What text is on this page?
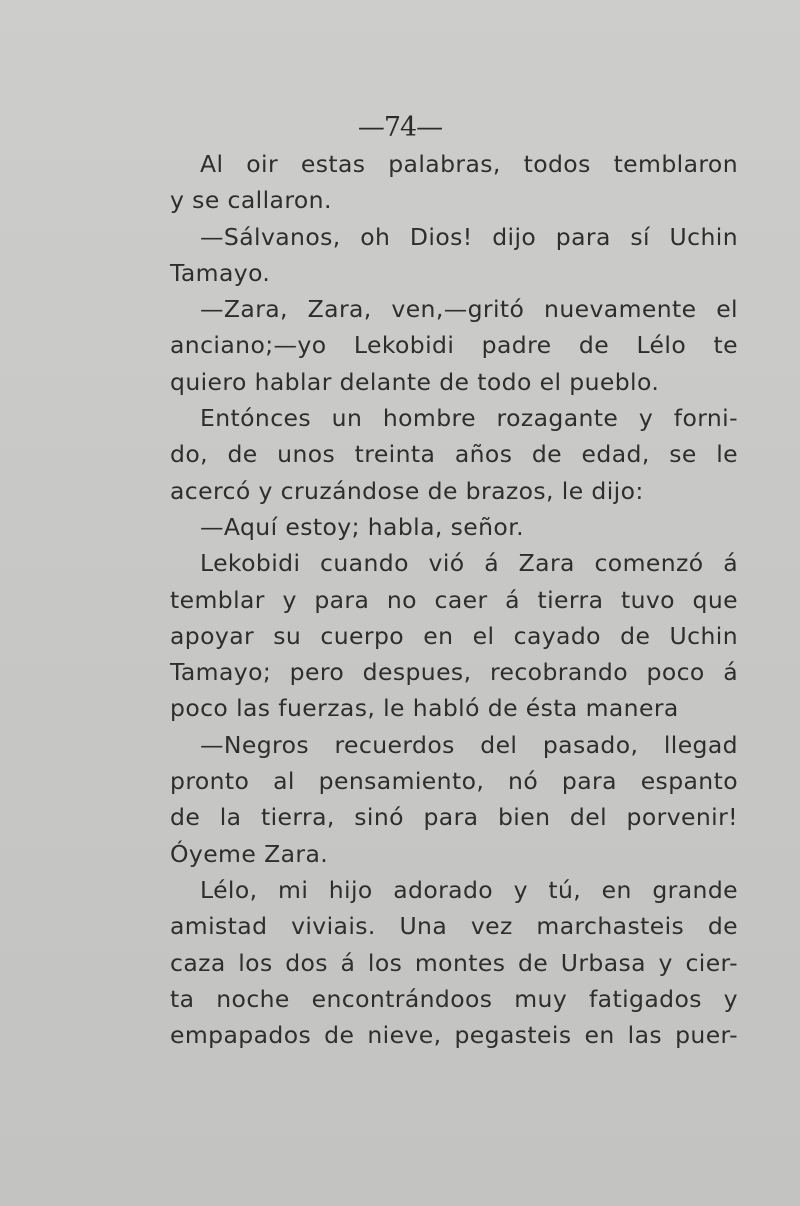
—74—
Al oir estas palabras, todos temblaron
y se callaron.
—Sálvanos, oh Dios! dijo para sí Uchin
Tamayo.
—Zara, Zara, ven,—gritó nuevamente el
anciano;—yo Lekobidi padre de Lélo te
quiero hablar delante de todo el pueblo.
Entónces un hombre rozagante y forni-
do, de unos treinta años de edad, se le
acercó y cruzándose de brazos, le dijo:
—Aquí estoy; habla, señor.
Lekobidi cuando vió á Zara comenzó á
temblar y para no caer á tierra tuvo que
apoyar su cuerpo en el cayado de Uchin
Tamayo; pero despues, recobrando poco á
poco las fuerzas, le habló de ésta manera
—Negros recuerdos del pasado, llegad
pronto al pensamiento, nó para espanto
de la tierra, sinó para bien del porvenir!
Óyeme Zara.
Lélo, mi hijo adorado y tú, en grande
amistad viviais. Una vez marchasteis de
caza los dos á los montes de Urbasa y cier-
ta noche encontrándoos muy fatigados y
empapados de nieve, pegasteis en las puer-
